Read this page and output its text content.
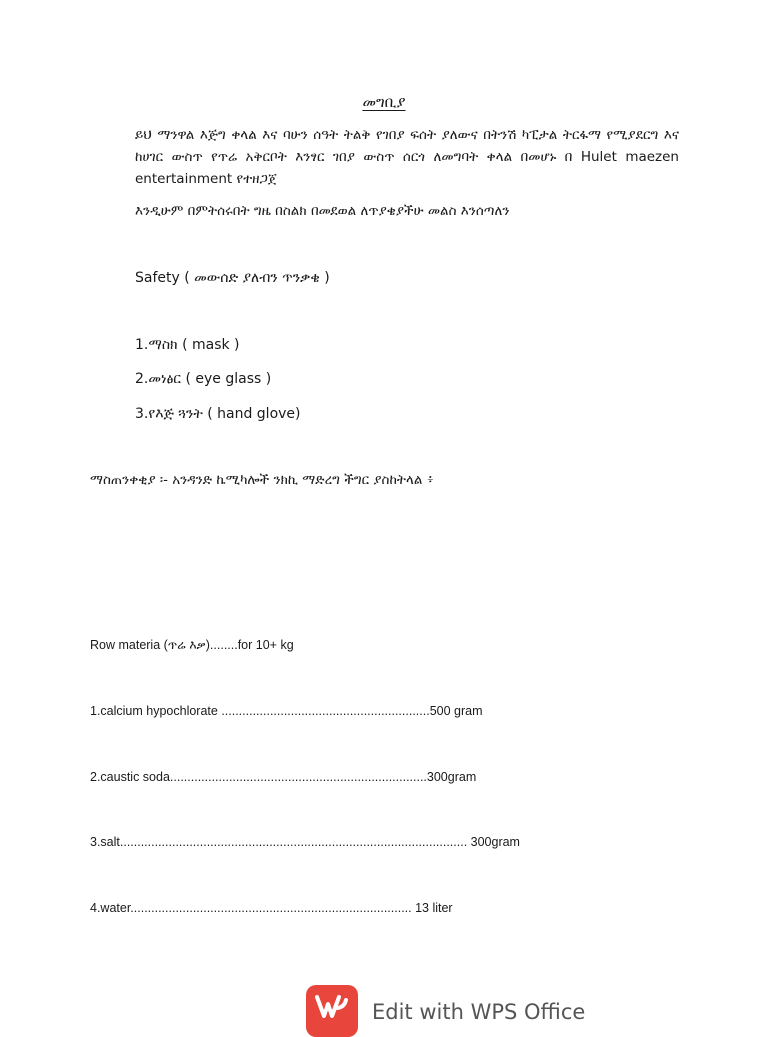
መግቢያ
ይህ ማንዋል እጅግ ቀላል እና ባሁን ሰዓት ትልቅ የገበያ ፍሰት ያለውና በትንሽ ካፒታል ትርፋማ የሚያደርግ እና ከሀገር ውስጥ የጥሬ አቅርቦት እንፃር ገበያ ውስጥ ሰርጎ ለመግባት ቀላል በመሆኑ በ Hulet maezen entertainment የተዘጋጀ
እንዲሁም በምትሰሩበት ግዜ በስልክ በመደወል ለጥያቄያችሁ መልስ እንሰጣለን
Safety ( መውሰድ ያለብን ጥንቃቄ )
1.ማስክ ( mask )
2.መነፅር ( eye glass )
3.የእጅ ጓንት ( hand glove)
ማስጠንቀቂያ ፡- አንዳንድ ኬሚካሎች ንክኪ ማድረግ ችግር ያስከትላል ፥
Row materia (ጥሬ እቃ)........for 10+ kg
1.calcium hypochlorate ............................................................500 gram
2.caustic soda..........................................................................300gram
3.salt.................................................................................................... 300gram
4.water................................................................................. 13 liter
Edit with WPS Office
